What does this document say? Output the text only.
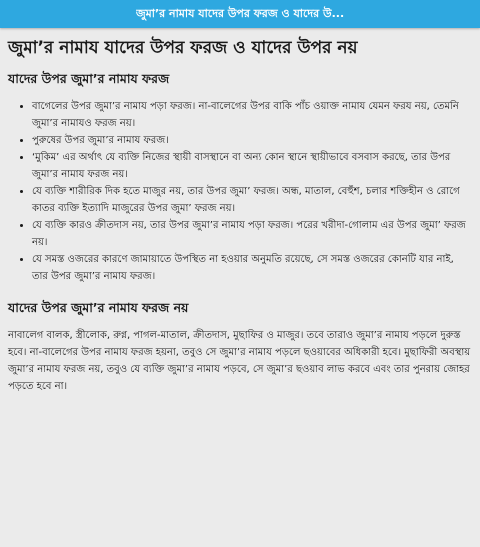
জুমা’র নামায যাদের উপর ফরজ ও যাদের উ...
জুমা’র নামায যাদের উপর ফরজ ও যাদের উপর নয়
যাদের উপর জুমা’র নামায ফরজ
• বাগেলের উপর জুমা’র নামায পড়া ফরজ। না-বালেগের উপর বাকি পাঁচ ওয়াক্ত নামায যেমন ফরয নয়, তেমনি জুমা’র নামাযও ফরজ নয়।
• পুরুষের উপর জুমা’র নামায ফরজ।
• ‘মুকিম’ এর অর্থাৎ যে ব্যক্তি নিজের স্থায়ী বাসস্থানে বা অন্য কোন স্থানে স্থায়ীভাবে বসবাস করছে, তার উপর জুমা’র নামায ফরজ নয়।
• যে ব্যক্তি শারীরিক দিক হতে মাজুর নয়, তার উপর জুমা’ ফরজ। অন্ধ, মাতাল, বেহুঁশ, চলার শক্তিহীন ও রোগে কাতর ব্যক্তি ইত্যাদি মাজুরের উপর জুমা’ ফরজ নয়।
• যে ব্যক্তি কারও ক্রীতদাস নয়, তার উপর জুমা’র নামায পড়া ফরজ। পরের খরীদা-গোলাম এর উপর জুমা’ ফরজ নয়।
• যে সমস্ত ওজরের কারণে জামায়াতে উপস্থিত না হওয়ার অনুমতি রয়েছে, সে সমস্ত ওজরের কোনটি যার নাই, তার উপর জুমা’র নামায ফরজ।
যাদের উপর জুমা’র নামায ফরজ নয়

নাবালেগ বালক, স্ত্রীলোক, রুগ্ন, পাগল-মাতাল, ক্রীতদাস, মুছাফির ও মাজুর। তবে তারাও জুমা’র নামায পড়লে দুরুস্ত হবে। না-বালেগের উপর নামায ফরজ হয়না, তবুও সে জুমা’র নামায পড়লে ছওয়াবের অধিকারী হবে। মুছাফিরী অবস্থায় জুমা’র নামায ফরজ নয়, তবুও যে ব্যক্তি জুমা’র নামায পড়বে, সে জুমা’র ছওয়াব লাভ করবে এবং তার পুনরায় জোহর পড়তে হবে না।
